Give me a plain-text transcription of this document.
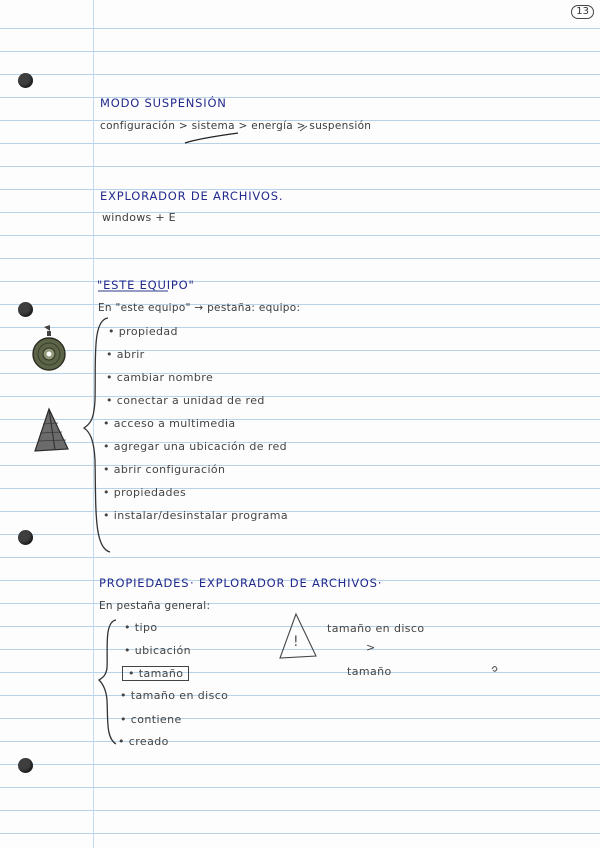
13
MODO SUSPENSIÓN
configuración > sistema > energía > suspensión
EXPLORADOR DE ARCHIVOS.
windows + E
"ESTE EQUIPO"
En "este equipo" → pestaña: equipo:
• propiedad
• abrir
• cambiar nombre
• conectar a unidad de red
• acceso a multimedia
• agregar una ubicación de red
• abrir configuración
• propiedades
• instalar/desinstalar programa
PROPIEDADES · EXPLORADOR DE ARCHIVOS·
En pestaña general:
• tipo
• ubicación
• tamaño
• tamaño en disco
• contiene
• creado
tamaño en disco
>
tamaño
!
